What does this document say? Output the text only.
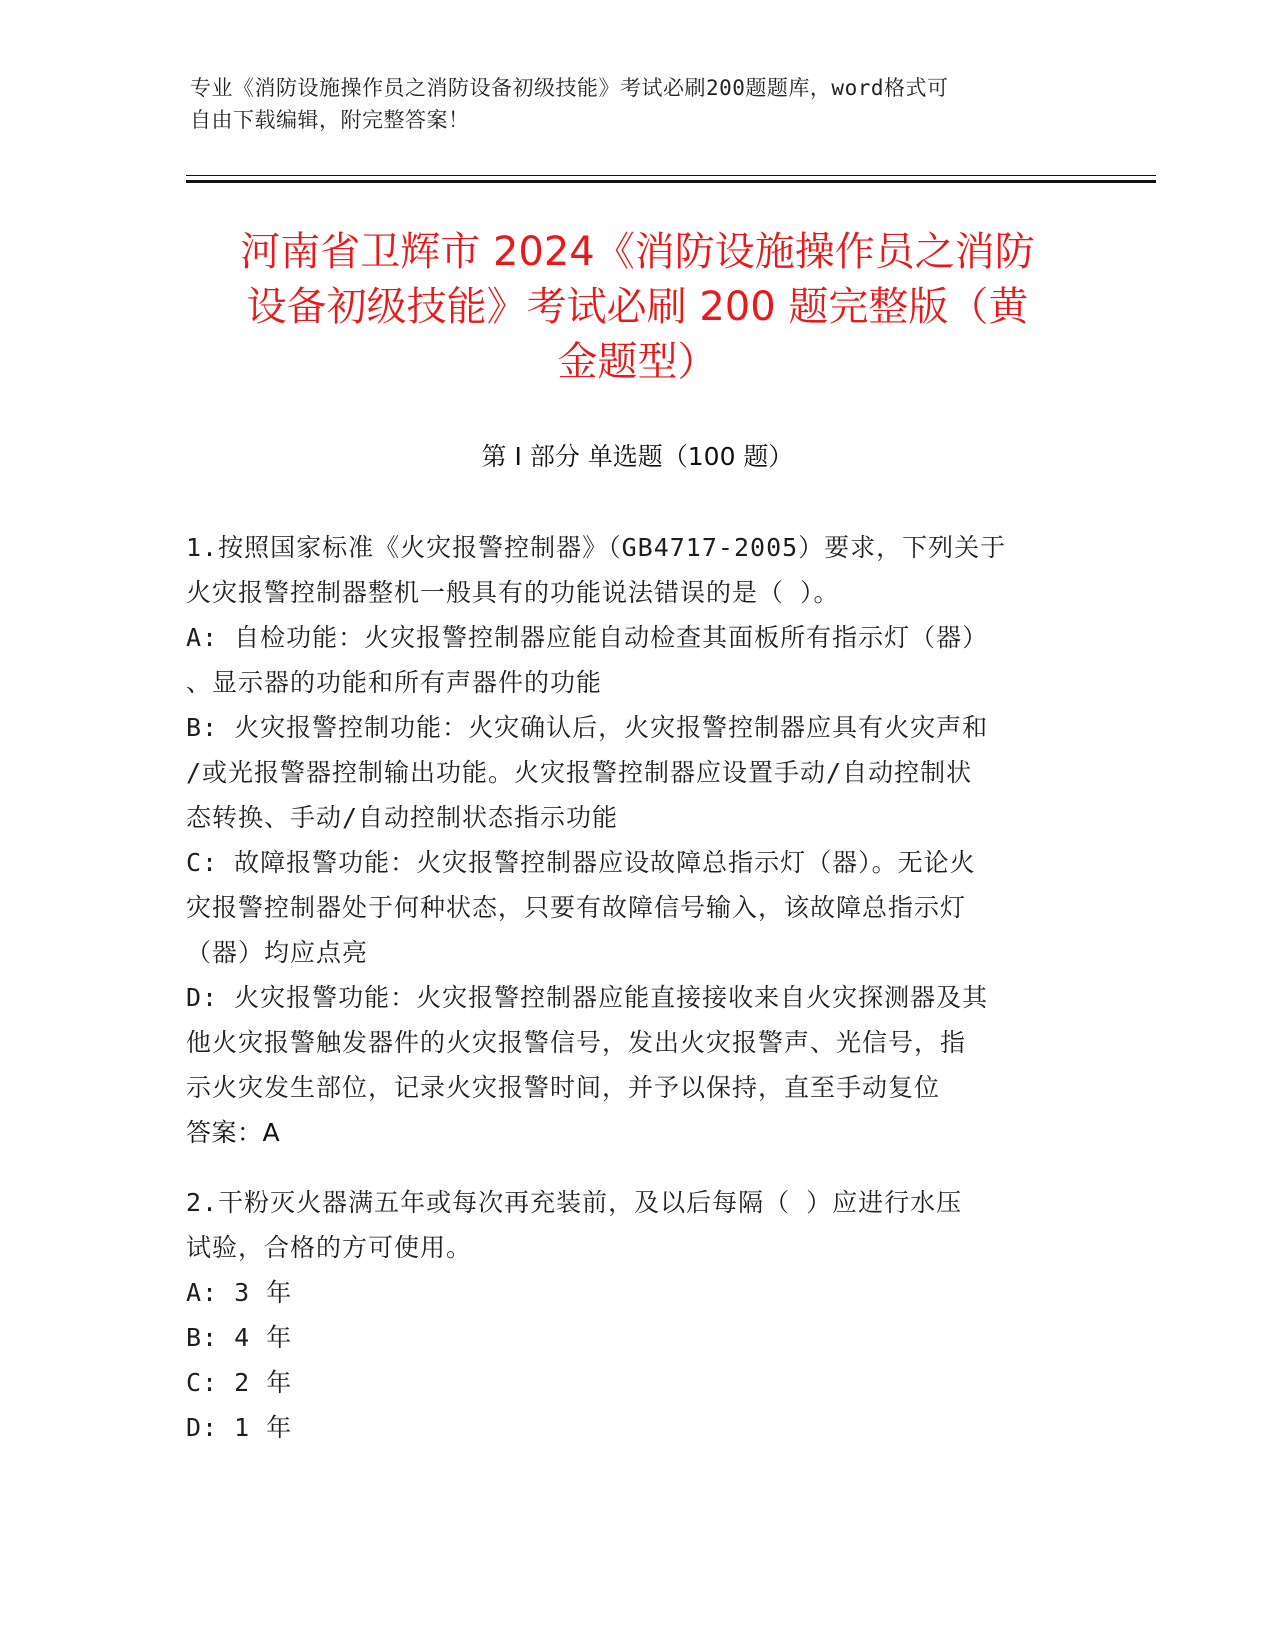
专业《消防设施操作员之消防设备初级技能》考试必刷200题题库，word格式可
自由下载编辑，附完整答案！
河南省卫辉市 2024《消防设施操作员之消防
设备初级技能》考试必刷 200 题完整版（黄
金题型）
第 I 部分 单选题（100 题）
1.按照国家标准《火灾报警控制器》（GB4717-2005）要求，下列关于
火灾报警控制器整机一般具有的功能说法错误的是（ ）。
A: 自检功能：火灾报警控制器应能自动检查其面板所有指示灯（器）
、显示器的功能和所有声器件的功能
B: 火灾报警控制功能：火灾确认后，火灾报警控制器应具有火灾声和
/或光报警器控制输出功能。火灾报警控制器应设置手动/自动控制状
态转换、手动/自动控制状态指示功能
C: 故障报警功能：火灾报警控制器应设故障总指示灯（器）。无论火
灾报警控制器处于何种状态，只要有故障信号输入，该故障总指示灯
（器）均应点亮
D: 火灾报警功能：火灾报警控制器应能直接接收来自火灾探测器及其
他火灾报警触发器件的火灾报警信号，发出火灾报警声、光信号，指
示火灾发生部位，记录火灾报警时间，并予以保持，直至手动复位
答案：A
2.干粉灭火器满五年或每次再充装前，及以后每隔（ ）应进行水压
试验，合格的方可使用。
A: 3 年
B: 4 年
C: 2 年
D: 1 年
